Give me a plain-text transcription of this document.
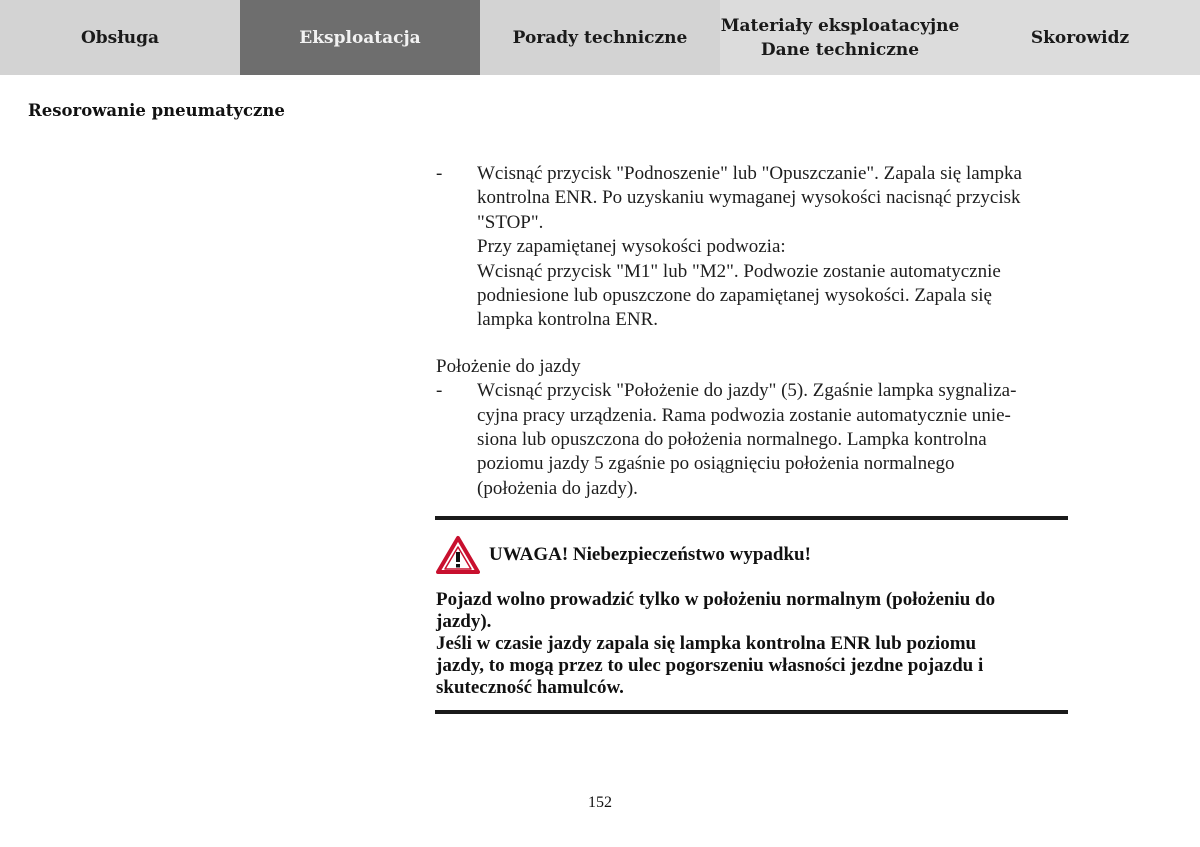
Obsługa	Eksploatacja	Porady techniczne
Materiały eksploatacyjne
Dane techniczne
Skorowidz
Resorowanie pneumatyczne
-	Wcisnąć przycisk "Podnoszenie" lub "Opuszczanie". Zapala się lampka
kontrolna ENR. Po uzyskaniu wymaganej wysokości nacisnąć przycisk
"STOP".
Przy zapamiętanej wysokości podwozia:
Wcisnąć przycisk "M1" lub "M2". Podwozie zostanie automatycznie
podniesione lub opuszczone do zapamiętanej wysokości. Zapala się
lampka kontrolna ENR.
Położenie do jazdy
-	Wcisnąć przycisk "Położenie do jazdy" (5). Zgaśnie lampka sygnaliza-
cyjna pracy urządzenia. Rama podwozia zostanie automatycznie unie-
siona lub opuszczona do położenia normalnego. Lampka kontrolna
poziomu jazdy 5 zgaśnie po osiągnięciu położenia normalnego
(położenia do jazdy).
UWAGA! Niebezpieczeństwo wypadku!

Pojazd wolno prowadzić tylko w położeniu normalnym (położeniu do

jazdy).

Jeśli w czasie jazdy zapala się lampka kontrolna ENR lub poziomu

jazdy, to mogą przez to ulec pogorszeniu własności jezdne pojazdu i

skuteczność hamulców.

152
